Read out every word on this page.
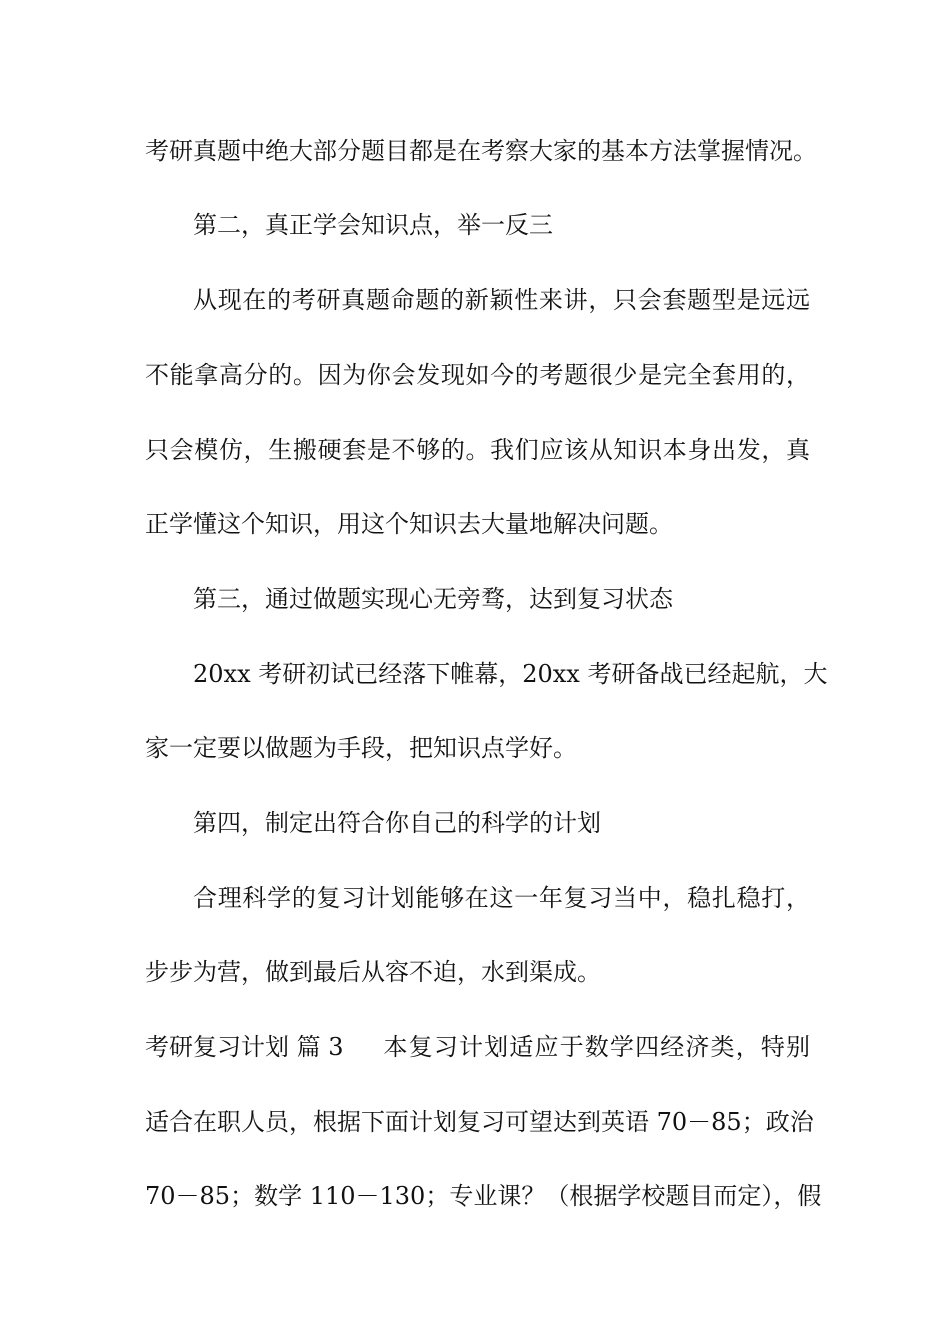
考研真题中绝大部分题目都是在考察大家的基本方法掌握情况。
第二，真正学会知识点，举一反三
从现在的考研真题命题的新颖性来讲，只会套题型是远远
不能拿高分的。因为你会发现如今的考题很少是完全套用的，
只会模仿，生搬硬套是不够的。我们应该从知识本身出发，真
正学懂这个知识，用这个知识去大量地解决问题。
第三，通过做题实现心无旁骛，达到复习状态
20xx 考研初试已经落下帷幕，20xx 考研备战已经起航，大
家一定要以做题为手段，把知识点学好。
第四，制定出符合你自己的科学的计划
合理科学的复习计划能够在这一年复习当中，稳扎稳打，
步步为营，做到最后从容不迫，水到渠成。
考研复习计划 篇 3 本复习计划适应于数学四经济类，特别
适合在职人员，根据下面计划复习可望达到英语 70－85；政治
70－85；数学 110－130；专业课？（根据学校题目而定），假
